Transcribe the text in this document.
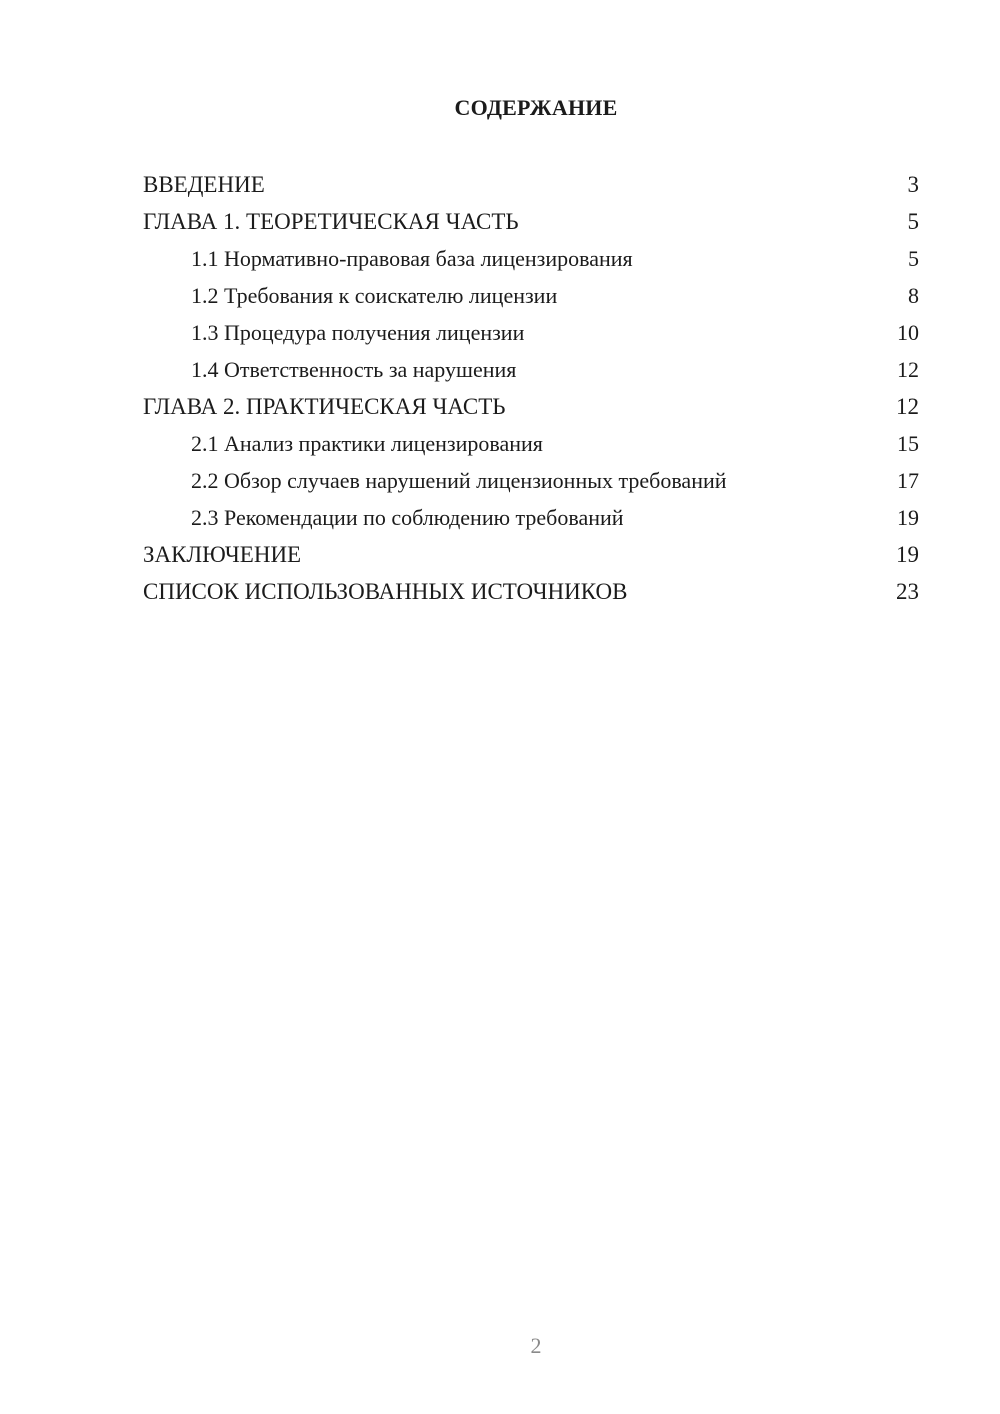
СОДЕРЖАНИЕ
ВВЕДЕНИЕ	3
ГЛАВА 1. ТЕОРЕТИЧЕСКАЯ ЧАСТЬ	5
1.1 Нормативно-правовая база лицензирования	5
1.2 Требования к соискателю лицензии	8
1.3 Процедура получения лицензии	10
1.4 Ответственность за нарушения	12
ГЛАВА 2. ПРАКТИЧЕСКАЯ ЧАСТЬ	12
2.1 Анализ практики лицензирования	15
2.2 Обзор случаев нарушений лицензионных требований	17
2.3 Рекомендации по соблюдению требований	19
ЗАКЛЮЧЕНИЕ	19
СПИСОК ИСПОЛЬЗОВАННЫХ ИСТОЧНИКОВ	23
2
